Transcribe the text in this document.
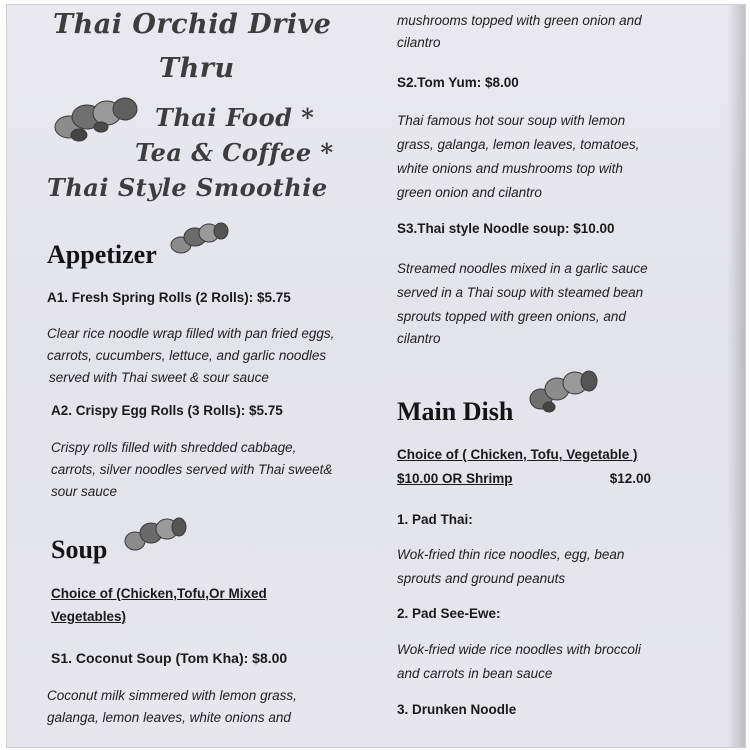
Thai Orchid Drive
Thru
Thai Food *
Tea & Coffee *
Thai Style Smoothie
Appetizer
A1. Fresh Spring Rolls (2 Rolls): $5.75
Clear rice noodle wrap filled with pan fried eggs,
carrots, cucumbers, lettuce, and garlic noodles
served with Thai sweet & sour sauce
A2. Crispy Egg Rolls (3 Rolls): $5.75
Crispy rolls filled with shredded cabbage,
carrots, silver noodles served with Thai sweet&
sour sauce
Soup
Choice of (Chicken,Tofu,Or Mixed
Vegetables)
S1. Coconut Soup (Tom Kha): $8.00
Coconut milk simmered with lemon grass,
galanga, lemon leaves, white onions and
mushrooms topped with green onion and
cilantro
S2.Tom Yum: $8.00
Thai famous hot sour soup with lemon
grass, galanga, lemon leaves, tomatoes,
white onions and mushrooms top with
green onion and cilantro
S3.Thai style Noodle soup: $10.00
Streamed noodles mixed in a garlic sauce
served in a Thai soup with steamed bean
sprouts topped with green onions, and
cilantro
Main Dish
Choice of ( Chicken, Tofu, Vegetable )
$10.00 OR Shrimp	$12.00
1. Pad Thai:
Wok-fried thin rice noodles, egg, bean
sprouts and ground peanuts
2. Pad See-Ewe:
Wok-fried wide rice noodles with broccoli
and carrots in bean sauce
3. Drunken Noodle
